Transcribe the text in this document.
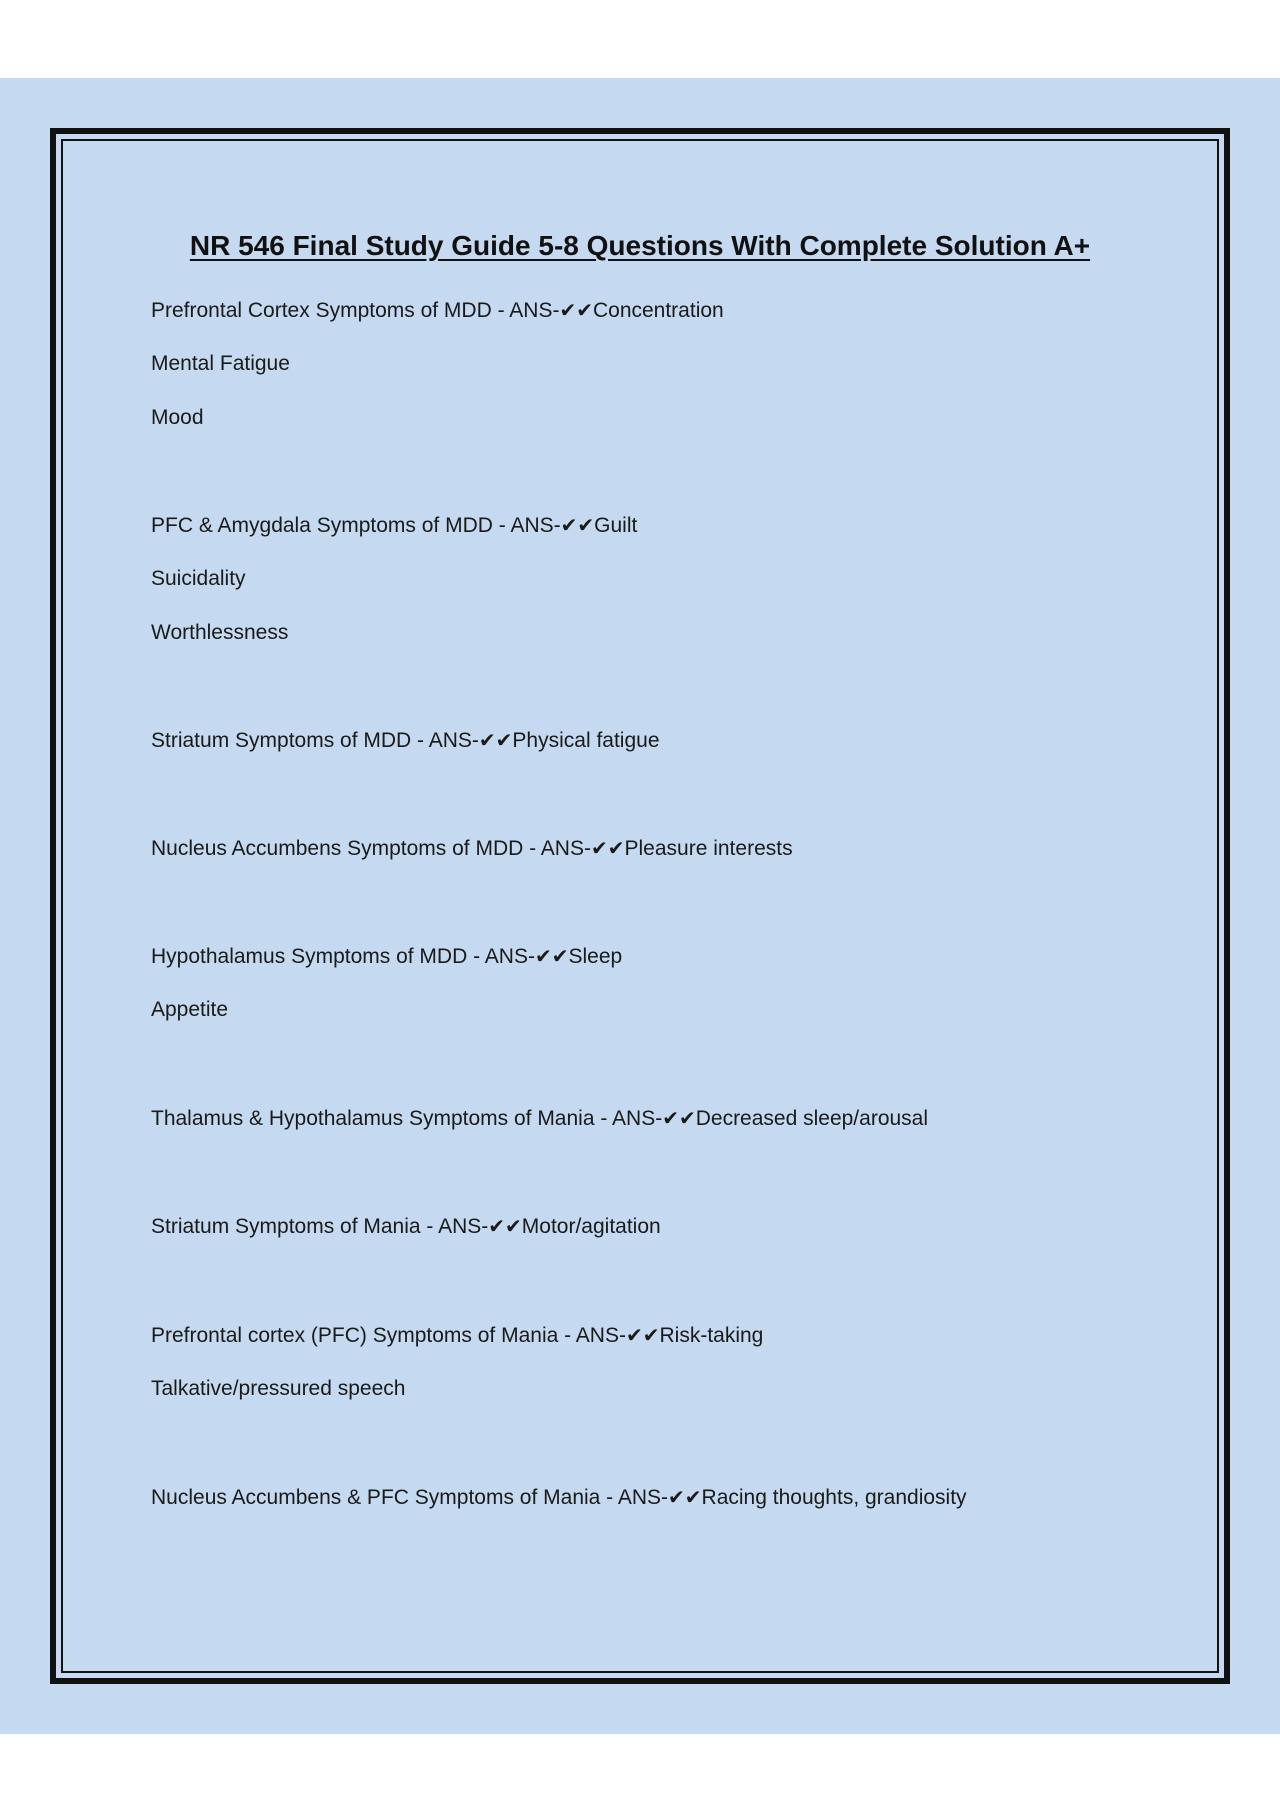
NR 546 Final Study Guide 5-8 Questions With Complete Solution A+

Prefrontal Cortex Symptoms of MDD - ANS-✔✔Concentration

Mental Fatigue

Mood

PFC & Amygdala Symptoms of MDD - ANS-✔✔Guilt

Suicidality

Worthlessness

Striatum Symptoms of MDD - ANS-✔✔Physical fatigue

Nucleus Accumbens Symptoms of MDD - ANS-✔✔Pleasure interests

Hypothalamus Symptoms of MDD - ANS-✔✔Sleep

Appetite

Thalamus & Hypothalamus Symptoms of Mania - ANS-✔✔Decreased sleep/arousal

Striatum Symptoms of Mania - ANS-✔✔Motor/agitation

Prefrontal cortex (PFC) Symptoms of Mania - ANS-✔✔Risk-taking

Talkative/pressured speech

Nucleus Accumbens & PFC Symptoms of Mania - ANS-✔✔Racing thoughts, grandiosity
